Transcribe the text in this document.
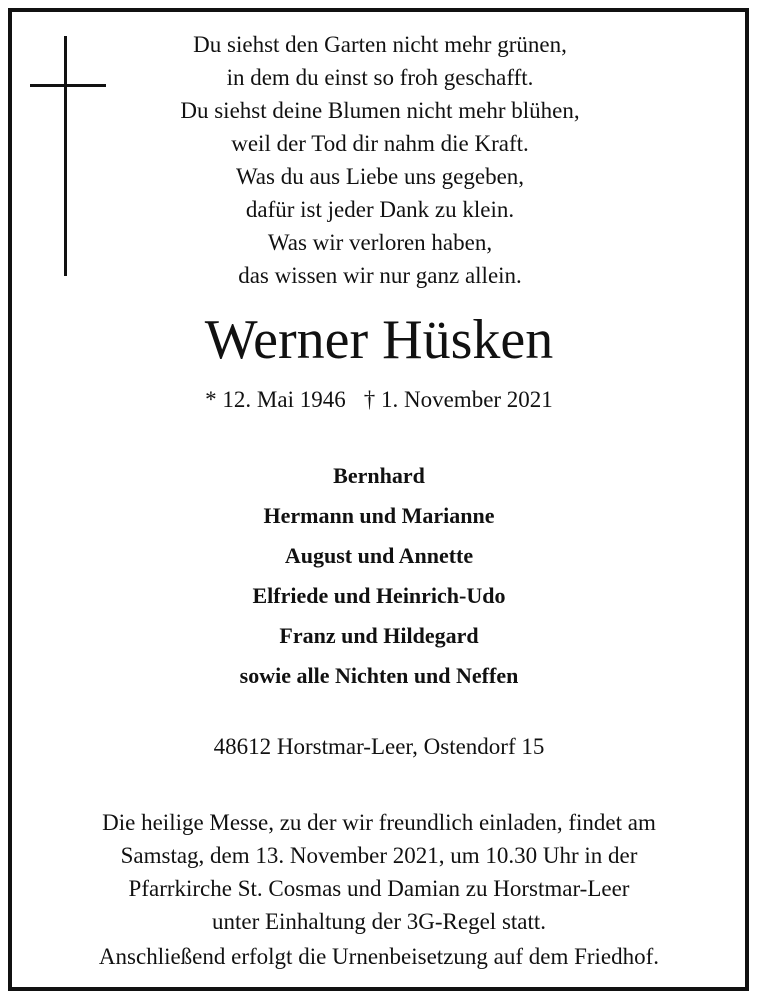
Du siehst den Garten nicht mehr grünen,
in dem du einst so froh geschafft.
Du siehst deine Blumen nicht mehr blühen,
weil der Tod dir nahm die Kraft.
Was du aus Liebe uns gegeben,
dafür ist jeder Dank zu klein.
Was wir verloren haben,
das wissen wir nur ganz allein.
Werner Hüsken
* 12. Mai 1946 † 1. November 2021
Bernhard
Hermann und Marianne
August und Annette
Elfriede und Heinrich-Udo
Franz und Hildegard
sowie alle Nichten und Neffen
48612 Horstmar-Leer, Ostendorf 15
Die heilige Messe, zu der wir freundlich einladen, findet am
Samstag, dem 13. November 2021, um 10.30 Uhr in der
Pfarrkirche St. Cosmas und Damian zu Horstmar-Leer
unter Einhaltung der 3G-Regel statt.
Anschließend erfolgt die Urnenbeisetzung auf dem Friedhof.
